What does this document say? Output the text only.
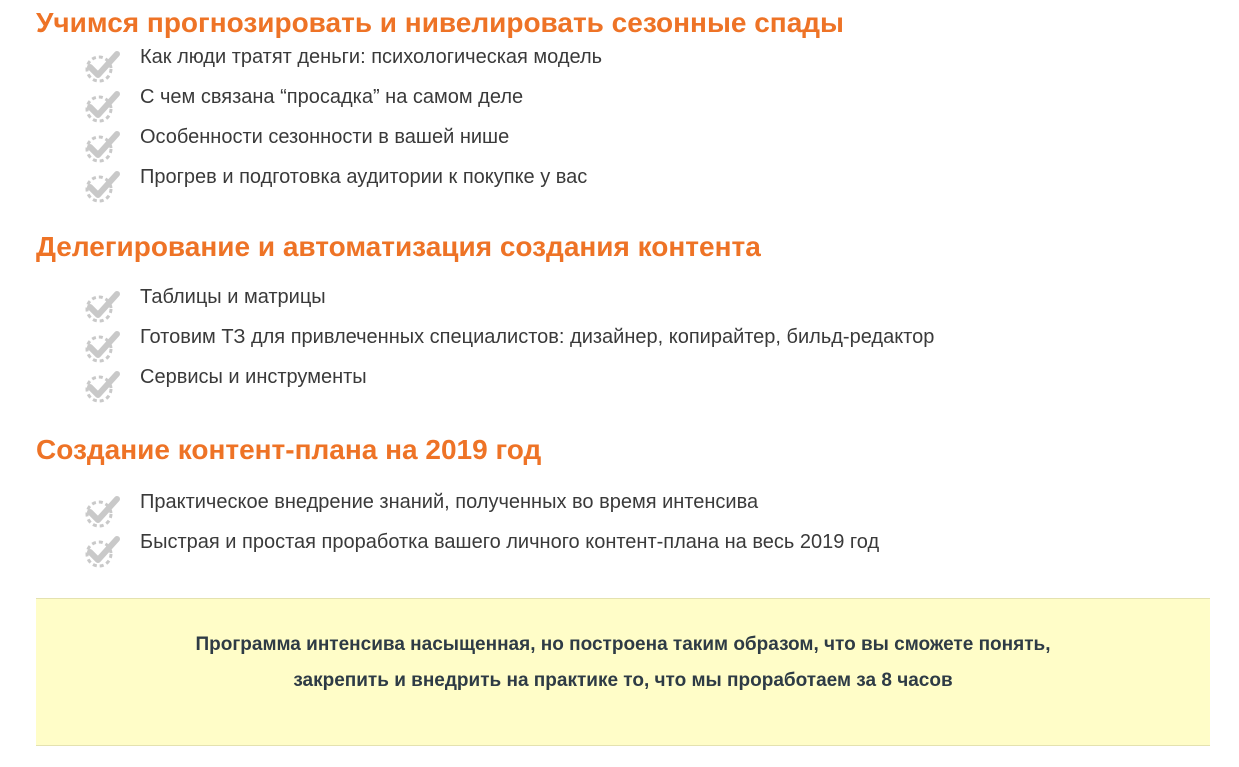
Учимся прогнозировать и нивелировать сезонные спады
Как люди тратят деньги: психологическая модель
С чем связана “просадка” на самом деле
Особенности сезонности в вашей нише
Прогрев и подготовка аудитории к покупке у вас
Делегирование и автоматизация создания контента
Таблицы и матрицы
Готовим ТЗ для привлеченных специалистов: дизайнер, копирайтер, бильд-редактор
Сервисы и инструменты
Создание контент-плана на 2019 год
Практическое внедрение знаний, полученных во время интенсива
Быстрая и простая проработка вашего личного контент-плана на весь 2019 год
Программа интенсива насыщенная, но построена таким образом, что вы сможете понять,
закрепить и внедрить на практике то, что мы проработаем за 8 часов
